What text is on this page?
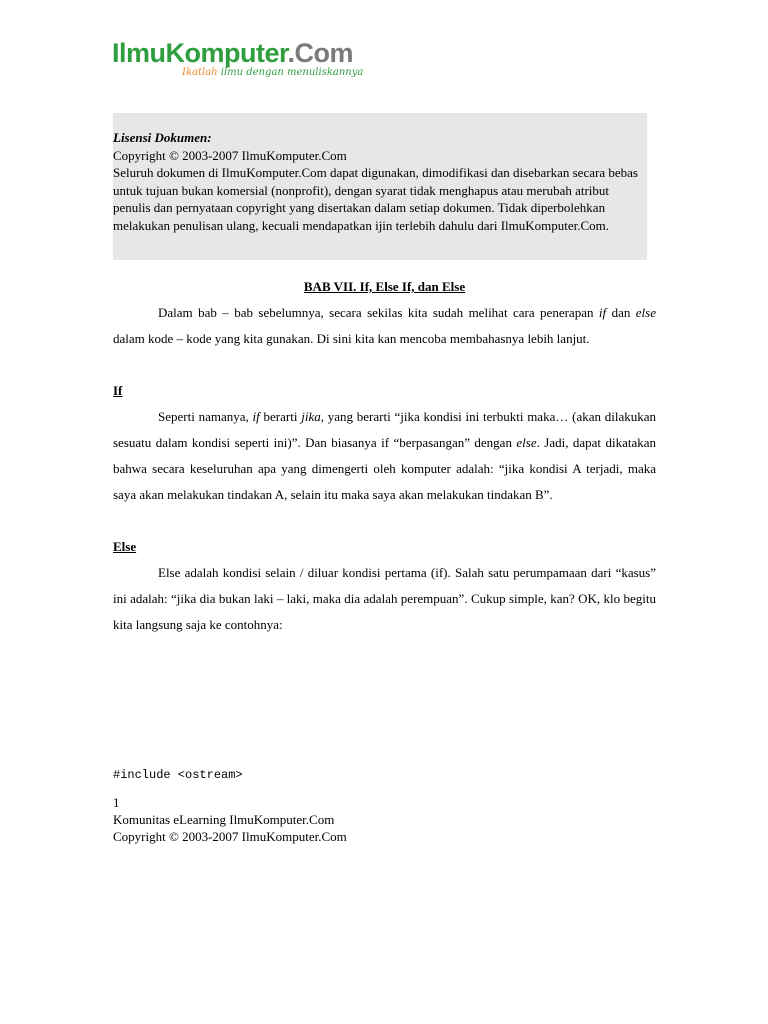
IlmuKomputer.Com
Ikatlah ilmu dengan menuliskannya
Lisensi Dokumen:
Copyright © 2003-2007 IlmuKomputer.Com
Seluruh dokumen di IlmuKomputer.Com dapat digunakan, dimodifikasi dan disebarkan secara bebas untuk tujuan bukan komersial (nonprofit), dengan syarat tidak menghapus atau merubah atribut penulis dan pernyataan copyright yang disertakan dalam setiap dokumen. Tidak diperbolehkan melakukan penulisan ulang, kecuali mendapatkan ijin terlebih dahulu dari IlmuKomputer.Com.
BAB VII. If, Else If, dan Else

Dalam bab – bab sebelumnya, secara sekilas kita sudah melihat cara penerapan if dan else dalam kode – kode yang kita gunakan. Di sini kita kan mencoba membahasnya lebih lanjut.

If

Seperti namanya, if berarti jika, yang berarti “jika kondisi ini terbukti maka… (akan dilakukan sesuatu dalam kondisi seperti ini)”. Dan biasanya if “berpasangan” dengan else. Jadi, dapat dikatakan bahwa secara keseluruhan apa yang dimengerti oleh komputer adalah: “jika kondisi A terjadi, maka saya akan melakukan tindakan A, selain itu maka saya akan melakukan tindakan B”.

Else

Else adalah kondisi selain / diluar kondisi pertama (if). Salah satu perumpamaan dari “kasus” ini adalah: “jika dia bukan laki – laki, maka dia adalah perempuan”. Cukup simple, kan? OK, klo begitu kita langsung saja ke contohnya:

#include <ostream>
1
Komunitas eLearning IlmuKomputer.Com
Copyright © 2003-2007 IlmuKomputer.Com
